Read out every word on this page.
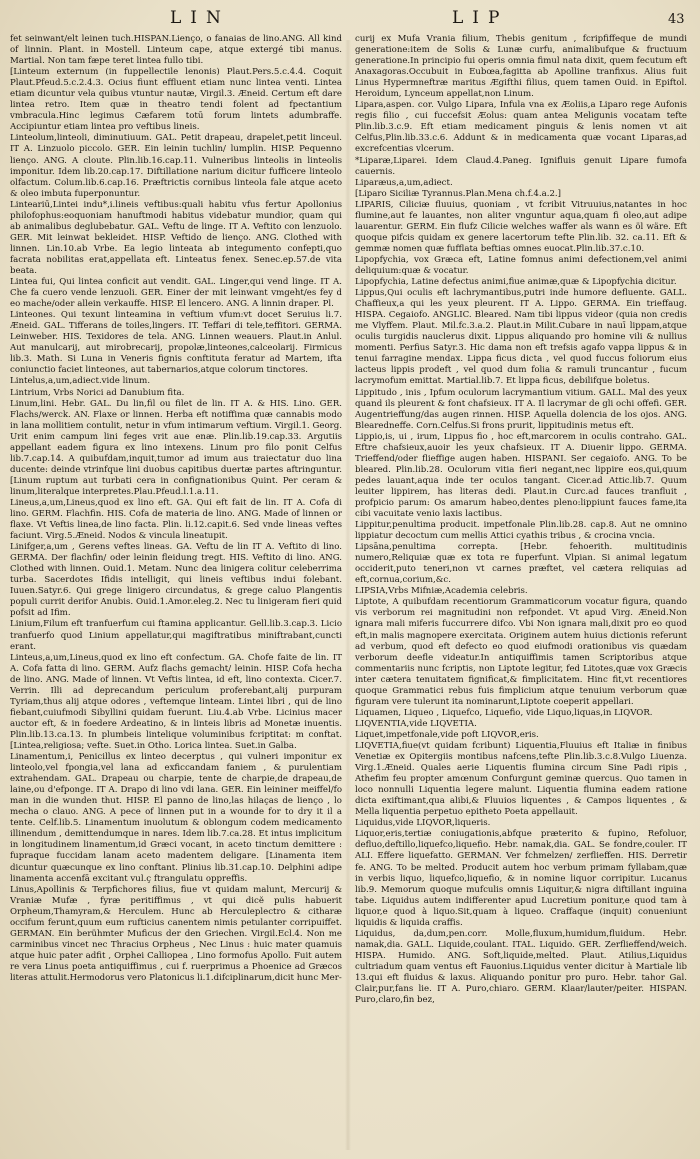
LIN	LIP	43

fet seinwant/elt leinen tuch.HISPAN.Lienço, o fanaias de lino.ANG. All kind of linnin. Plant. in Mostell. Linteum cape, atque extergé tibi manus. Martial. Non tam fæpe teret lintea fullo tibi.

[Linteum externum (in fuppellectile lenonis) Plaut.Pers.5.c.4.4. Coquit Plaut.Pfeud.5.c.2.4.3. Ocius fiunt effluent etiam nunc lintea venti. Lintea etiam dicuntur vela quibus vtuntur nautæ, Virgil.3. Æneid. Certum eft dare lintea retro. Item quæ in theatro tendi folent ad fpectantium vmbracula.Hinc legimus Cæfarem totū forum lintets adumbraffe. Accipiuntur etiam lintea pro veftibus lineis.

Linteolum,linteoli, diminutiuum. GAL. Petit drapeau, drapelet,petit linceul. IT A. Linzuolo piccolo. GER. Ein leinin tuchlin/ lumplin. HISP. Pequenno lienço. ANG. A cloute. Plin.lib.16.cap.11. Vulneribus linteolis in linteolis imponitur. Idem lib.20.cap.17. Diftillatione narium dicitur fufficere linteolo olfactum. Colum.lib.6.cap.16. Præftrictis cornibus linteola fale atque aceto & oleo imbuta fuperponuntur.

Linteariū,Lintei indu*,i.lineis veftibus:quali habitu vfus fertur Apollonius philofophus:eoquoniam hanuftmodi habitus videbatur mundior, quam qui ab animalibus deglubebatur. GAL. Veftu de linge. IT A. Veftito con lenzuolo. GER. Mit leinwat bekleidet. HISP. Veftido de lienço. ANG. Clothed with linnen. Lin.10.ab Vrbe. Ea legio linteata ab integumento confepti,quo facrata nobilitas erat,appellata eft. Linteatus fenex. Senec.ep.57.de vita beata.

Lintea fui, Qui lintea conficit aut vendit. GAL. Linger,qui vend linge. IT A. Che fa cuero vende lenzuoli. GER. Einer der mit leinwant vmgeht/es fey d eo mache/oder allein verkauffe. HISP. El lencero. ANG. A linnin draper. Pl.

Linteones. Qui texunt linteamina in veftium vfum:vt docet Seruius li.7. Æneid. GAL. Tifferans de toiles,lingers. IT. Teffari di tele,teffitori. GERMA. Leinweber. HIS. Texidores de tela. ANG. Linnen weauers. Plaut.in Anlul. Aut manulcarij, aut mirobrecarij, propolæ,linteones,calceolarij. Firmicus lib.3. Math. Si Luna in Veneris fignis conftituta feratur ad Martem, ifta coniunctio faciet linteones, aut tabernarios,atque colorum tinctores.

Lintelus,a,um,adiect.vide linum.

Lintrium, Vrbs Norici ad Danubium fita.

Linum,lini. Hebr. GAL. Du lin,fil ou filet de lin. IT A. & HIS. Lino. GER. Flachs/werck. AN. Flaxe or linnen. Herba eft notiffima quæ cannabis modo in lana mollitiem contulit, netur in vfum intimarum veftium. Virgil.1. Georg. Urit enim campum lini feges vrit aue enæ. Plin.lib.19.cap.33. Argutiis appellant eadem figura ex lino intexens. Linum pro filo ponit Celfus lib.7.cap.14. A quibufdam,inquit,tumor ad imum aus traiectatur duo lina ducente: deinde vtrinfque lini duobus capitibus duertæ partes aftringuntur.[Linum ruptum aut turbati cera in confignationibus Quint. Per ceram & linum,literalque interpretes.Plau.Pfeud.l.1.a.11.

Lineus,a,um,Lineus,quod ex lino eft. GA. Qui eft fait de lin. IT A. Cofa di lino. GERM. Flachfin. HIS. Cofa de materia de lino. ANG. Made of linnen or flaxe. Vt Veftis linea,de lino facta. Plin. li.12.capit.6. Sed vnde lineas veftes faciunt. Virg.5.Æneid. Nodos & vincula lineatupit.

Linifger,a,um , Gerens veftes lineas. GA. Veftu de lin IT A. Veftito di lino. GERMA. Der flachfin/ oder leinin fleidung tregt. HIS. Veftito di lino. ANG. Clothed with linnen. Ouid.1. Metam. Nunc dea linigera colitur celeberrima turba. Sacerdotes Ifidis intelligit, qui lineis veftibus indui folebant. Iuuen.Satyr.6. Qui grege linigero circundatus, & grege caluo Plangentis populi currit derifor Anubis. Ouid.1.Amor.eleg.2. Nec tu linigeram fieri quid pofsit ad Ifim.

Linium,Filum eft tranfuerfum cui ftamina applicantur. Gell.lib.3.cap.3. Licio tranfuerfo quod Linium appellatur,qui magiftratibus miniftrabant,cuncti erant.

Linteus,a,um,Lineus,quod ex lino eft confectum. GA. Chofe faite de lin. IT A. Cofa fatta di lino. GERM. Aufz flachs gemacht/ leinin. HISP. Cofa hecha de lino. ANG. Made of linnen. Vt Veftis lintea, id eft, lino contexta. Cicer.7. Verrin. Illi ad deprecandum periculum proferebant,alij purpuram Tyriam,thus alij atque odores , veftemque linteam. Lintei libri , qui de lino fiebant,cuiufmodi Sibyllini quidam fuerunt. Liu.4.ab Vrbe. Licinius macer auctor eft, & in foedere Ardeatino, & in linteis libris ad Monetæ inuentis. Plin.lib.13.ca.13. In plumbeis lintelique voluminibus fcriptitat: m conftat. [Lintea,religiosa; vefte. Suet.in Otho. Lorica lintea. Suet.in Galba.

Linamentum,i, Penicillus ex linteo decerptus , qui vulneri imponitur ex linteolo,vel fpongia,vel lana ad exficcandam faniem , & purulentiam extrahendam. GAL. Drapeau ou charpie, tente de charpie,de drapeau,de laine,ou d'efponge. IT A. Drapo di lino vdi lana. GER. Ein leininer meiffel/fo man in die wunden thut. HISP. El panno de lino,las hilaças de lienço , lo mecha o clauo. ANG. A pece of linnen put in a wounde for to dry it il a tente. Celf.lib.5. Linamentum inuolutum & oblongum codem medicamento illinendum , demittendumque in nares. Idem lib.7.ca.28. Et intus implicitum in longitudinem linamentum,id Græci vocant, in aceto tinctum demittere : fupraque fuccidam lanam aceto madentem deligare. [Linamenta item dicuntur quæcunque ex lino conftant. Plinius lib.31.cap.10. Delphini adipe linamenta accenfā excitant vul.ç ftrangulatu oppreffis.

Linus,Apollinis & Terpfichores filius, fiue vt quidam malunt, Mercurij & Vraniæ Mufæ , fyræ peritiffimus , vt qui dicĕ pulis habuerit Orpheum,Thamyram,& Herculem. Hunc ab Herculeplectro & citharæ occifum ferunt,quum eum rufticius canentem nimis petulanter corripuiffet. GERMAN. Ein berühmter Muficus der den Griechen. Virgil.Ecl.4. Non me carminibus vincet nec Thracius Orpheus , Nec Linus : huic mater quamuis atque huic pater adfit , Orphei Calliopea , Lino formofus Apollo. Fuit autem re vera Linus poeta antiquiffimus , cui f. ruerprimus a Phoenice ad Græcos literas attulit.Hermodorus vero Platonicus li.1.difciplinarum,dicit hunc Mer-

curij ex Mufa Vrania filium, Thebis genitum , fcripfiffeque de mundi generatione:item de Solis & Lunæ curfu, animalibufque & fructuum generatione.In principio fui operis omnia fimul nata dixit, quem fecutum eft Anaxagoras.Occubuit in Eubœa,fagitta ab Apolline tranfixus. Alius fuit Linus Hypermneftræ maritus Ægifthi filius, quem tamen Ouid. in Epiftol. Heroidum, Lynceum appellat,non Linum.

Lipara,aspen. cor. Vulgo Lipara, Infula vna ex Æoliis,a Liparo rege Aufonis regis filio , cui fuccefsit Æolus: quam antea Meligunis vocatam tefte Plin.lib.3.c.9. Eft etiam medicament pinguis & lenis nomen vt ait Celfus,Plin.lib.33.c.6. Addunt & in medicamenta quæ vocant Liparas,ad excrefcentias vlcerum.

*Liparæ,Liparei. Idem Claud.4.Paneg. Ignifluis genuit Lipare fumofa cauernis.

Liparæus,a,um,adiect.

[Liparo Siciliæ Tyrannus.Plan.Mena ch.f.4.a.2.]

LIPARIS, Ciliciæ fluuius, quoniam , vt fcribit Vitruuius,natantes in hoc flumine,aut fe lauantes, non aliter vnguntur aqua,quam fi oleo,aut adipe lauarentur. GERM. Ein flufz Cilicie welches waffer als wann es öl wäre. Eft quoque pifcis quidam ex genere lacertorum tefte Plin.lib. 32. ca.11. Eft & gemmæ nomen quæ fufflata beftias omnes euocat.Plin.lib.37.c.10.

Lipopfychia, vox Græca eft, Latine fomnus animi defectionem,vel animi deliquium:quæ & vocatur.

Lipopfychia, Latine defectus animi,fiue animæ,quæ & Lipopfychia dicitur.

Lippus,Qui oculis eft lachrymantibus,putri inde humore defluente. GALL. Chaffieux,a qui les yeux pleurent. IT A. Lippo. GERMA. Ein trieffaug. HISPA. Cegaiofo. ANGLIC. Bleared. Nam tibi lippus videor (quia non credis me Vlyffem. Plaut. Mil.fc.3.a.2. Plaut.in Milit.Cubare in nauī lippam,atque oculis turgidis nauclerus dixit. Lippus aliquando pro homine vili & nullius momenti. Perfius Satyr.3. Hic dama non eft trefsis agafo vappa lippus & in tenui farragine mendax. Lippa ficus dicta , vel quod fuccus foliorum eius lacteus lippis prodeft , vel quod dum folia & ramuli truncantur , fucum lacrymofum emittat. Martial.lib.7. Et lippa ficus, debilifque boletus.

Lippitudo , inis , Ipfum oculorum lacrymantium vitium. GALL. Mal des yeux quand ils pleurent & font chafsieux. IT A. Il lacrymar de gli ochi offefi. GER. Augentrieffung/das augen rinnen. HISP. Aquella dolencia de los ojos. ANG. Blearedneffe. Corn.Celfus.Si frons prurit, lippitudinis metus eft.

Lippio,is, ui , irum, Lippus fio , hoc eft,marcorem in oculis contraho. GAL. Eftre chafsieux,auoir les yeux chafsieux. IT A. Diuenir lippo. GERMA. Trieffend/oder flieffige augen haben. HISPANI. Ser cegaiofo. ANG. To be bleared. Plin.lib.28. Oculorum vitia fieri negant,nec lippire eos,qui,quum pedes lauant,aqua inde ter oculos tangant. Cicer.ad Attic.lib.7. Quum leuiter lippirem, has literas dedi. Plaut.in Curc.ad fauces tranfluit , profpicio parum: Os amarum habeo,dentes pleno:lippiunt fauces fame,ita cibi vacuitate venio laxis lactibus.

Lippitur,penultima producit. impetfonale Plin.lib.28. cap.8. Aut ne omnino lippiatur decoctum cum mellis Attici cyathis tribus , & crocina vncia.

Lipsāna,penultima correpta. [Hebr. fehoerith. multitudinis numero,Reliquiæ quæ ex tota re fuperfunt. Vlpian. Si animal legatum occiderit,puto teneri,non vt carnes præftet, vel cætera reliquias ad eft,cornua,corium,&c.

LIPSIA,Vrbs Mifniæ,Academia celebris.

Liptote, A quibufdam recentiorum Grammaticorum vocatur figura, quando vis verborum rei magnitudini non refpondet. Vt apud Virg. Æneid.Non ignara mali miferis fuccurrere difco. Vbi Non ignara mali,dixit pro eo quod eft,in malis magnopere exercitata. Originem autem huius dictionis referunt ad verbum, quod eft defecto eo quod eiufmodi orationibus vis quædam verborum deefle videatur.In antiquiffimis tamen Scriptoribus atque commentariis nunc fcriptis, non Liptote legitur, fed Litotes,quæ vox Græcis inter cætera tenuitatem fignificat,& fimplicitatem. Hinc fit,vt recentiores quoque Grammatici rebus fuis fimplicium atque tenuium verborum quæ figuram vere tulerunt ita nominarunt,Liptote coeperit appellari.

Liquamen, Liqueo , Liquefco, Liquefio, vide Liquo,liquas,in LIQVOR.

LIQVENTIA,vide LIQVETIA.

Liquet,impetfonale,vide poft LIQVOR,eris.

LIQVETIA,fiue(vt quidam fcribunt) Liquentia,Fluuius eft Italiæ in finibus Venetiæ ex Opitergiis montibus nafcens,tefte Plin.lib.3.c.8.Vulgo Liuenza. Virg.1.Æneid. Quales aerie Liquentis flumina circum Sine Padi ripis , Athefim feu propter amœnum Confurgunt geminæ quercus. Quo tamen in loco nonnulli Liquentia legere malunt. Liquentia flumina eadem ratione dicta exiftimant,qua alibi,& Fluuios liquentes , & Campos liquentes , & Mella liquentia perpetuo epitheto Poeta appellauit.

Liquidus,vide LIQVOR,liqueris.

Liquor,eris,tertiæ coniugationis,abfque præterito & fupino, Refoluor, defluo,deftillo,liquefco,liquefio. Hebr. namak,dia. GAL. Se fondre,couler. IT ALI. Effere liquefatto. GERMAN. Ver fchmelzen/ zerflieffen. HIS. Derretir fe. ANG. To be melted. Producit autem hoc verbum primam fyllabam,quæ in verbis liquo, liquefco,liquefio, & in nomine liquor corripitur. Lucanus lib.9. Memorum quoque mufculis omnis Liquitur,& nigra diftillant inguina tabe. Liquidus autem indifferenter apud Lucretium ponitur,e quod tam à liquor,e quod à liquo.Sit,quam à liqueo. Craffaque (inquit) conueniunt liquidis & liquida craffis.

Liquidus, da,dum,pen.corr. Molle,fluxum,humidum,fluidum. Hebr. namak,dia. GALL. Liquide,coulant. ITAL. Liquido. GER. Zerflieffend/weich. HISPA. Humido. ANG. Soft,liquide,melted. Plaut. Atilius,Liquidus cultriadum quam ventus eft Fauonius.Liquidus venter dicitur à Martiale lib 13.qui eft fluidus & laxus. Aliquando ponitur pro puro. Hebr. tahor Gal. Clair,pur,fans lie. IT A. Puro,chiaro. GERM. Klaar/lauter/peiter. HISPAN. Puro,claro,fin bez,
